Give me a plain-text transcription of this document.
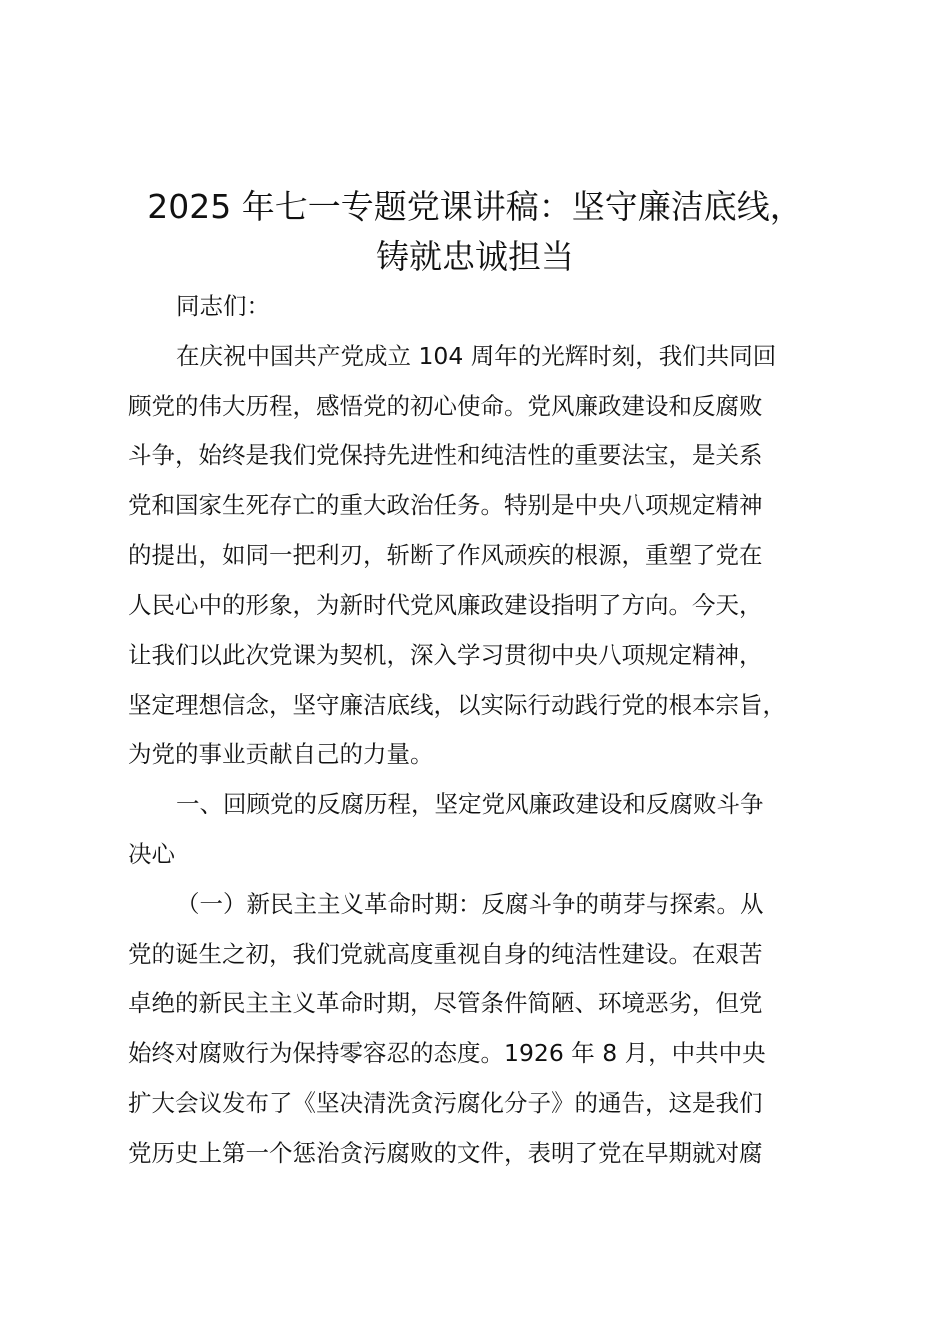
2025 年七一专题党课讲稿：坚守廉洁底线，
铸就忠诚担当

同志们：

在庆祝中国共产党成立 104 周年的光辉时刻，我们共同回

顾党的伟大历程，感悟党的初心使命。党风廉政建设和反腐败

斗争，始终是我们党保持先进性和纯洁性的重要法宝，是关系

党和国家生死存亡的重大政治任务。特别是中央八项规定精神

的提出，如同一把利刃，斩断了作风顽疾的根源，重塑了党在

人民心中的形象，为新时代党风廉政建设指明了方向。今天，

让我们以此次党课为契机，深入学习贯彻中央八项规定精神，

坚定理想信念，坚守廉洁底线，以实际行动践行党的根本宗旨，

为党的事业贡献自己的力量。

一、回顾党的反腐历程，坚定党风廉政建设和反腐败斗争

决心

（一）新民主主义革命时期：反腐斗争的萌芽与探索。从

党的诞生之初，我们党就高度重视自身的纯洁性建设。在艰苦

卓绝的新民主主义革命时期，尽管条件简陋、环境恶劣，但党

始终对腐败行为保持零容忍的态度。1926 年 8 月，中共中央

扩大会议发布了《坚决清洗贪污腐化分子》的通告，这是我们

党历史上第一个惩治贪污腐败的文件，表明了党在早期就对腐
